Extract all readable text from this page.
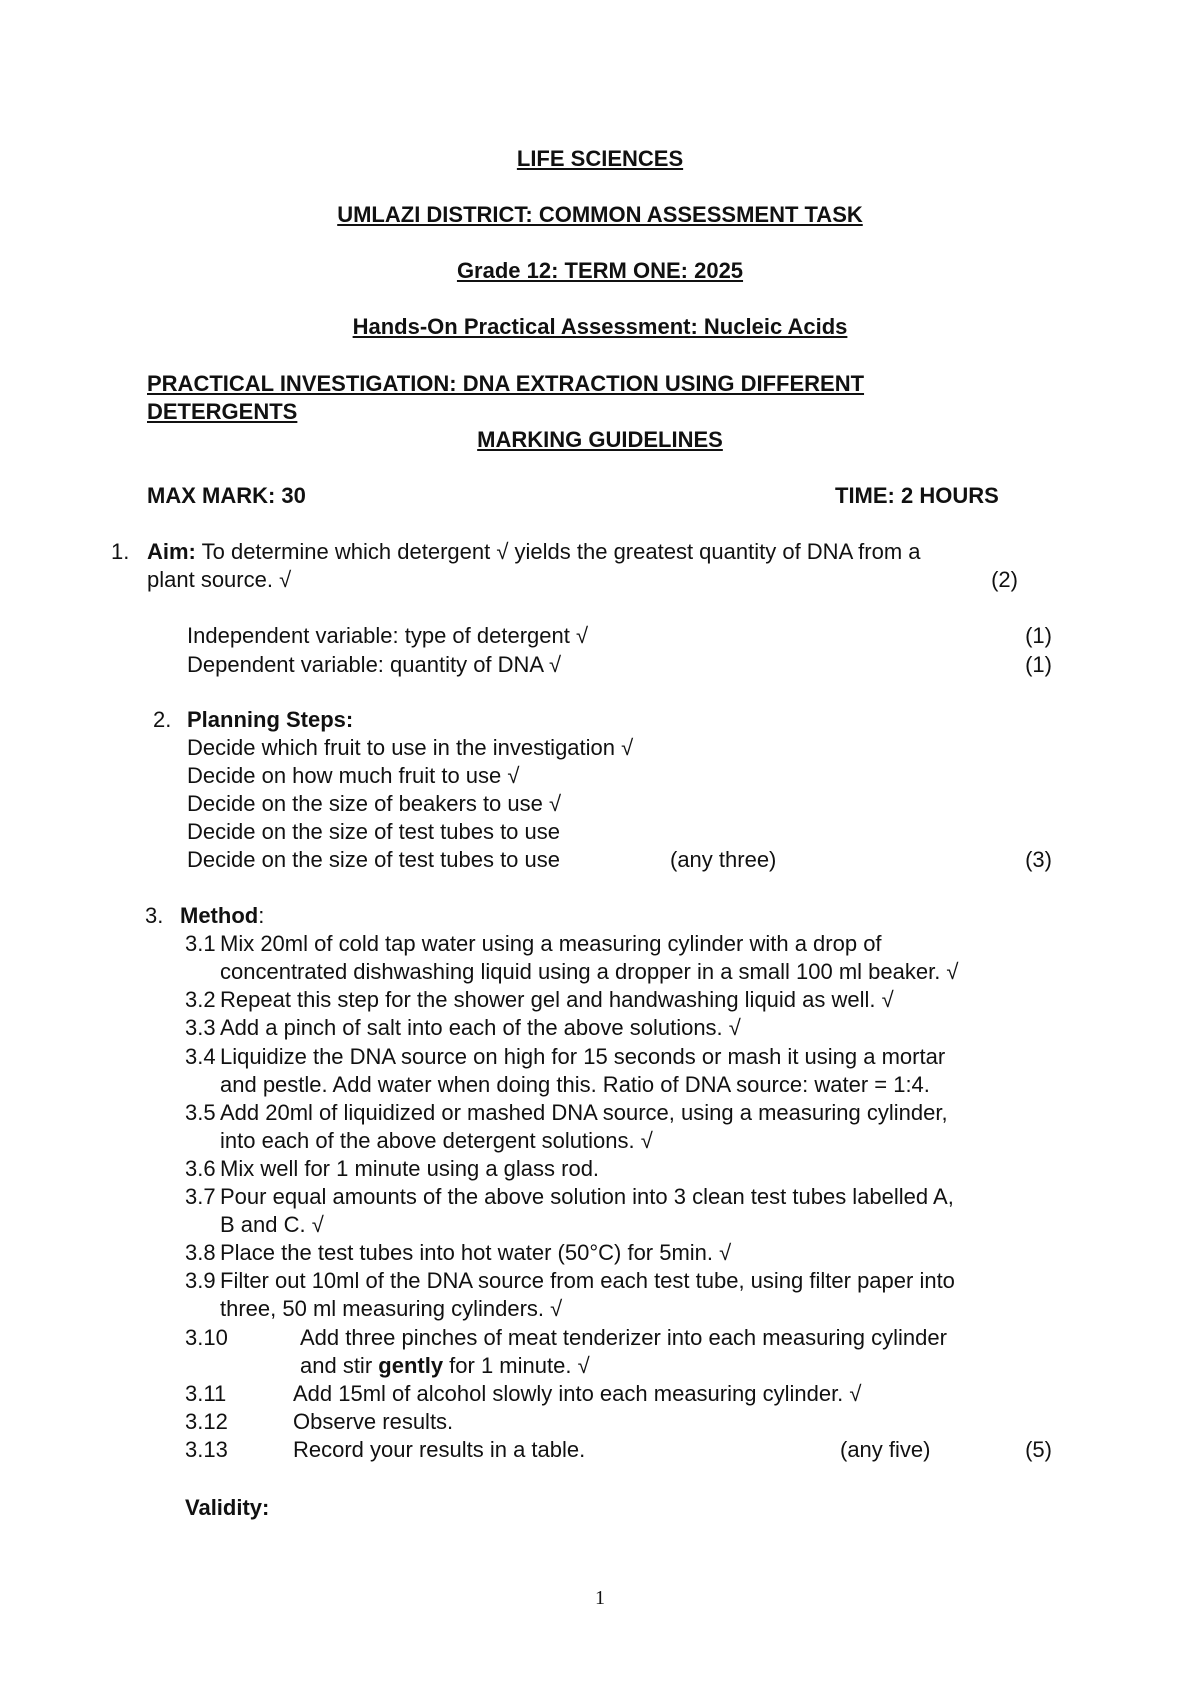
LIFE SCIENCES
UMLAZI DISTRICT: COMMON ASSESSMENT TASK
Grade 12: TERM ONE: 2025
Hands-On Practical Assessment: Nucleic Acids
PRACTICAL INVESTIGATION: DNA EXTRACTION USING DIFFERENT
DETERGENTS
MARKING GUIDELINES
MAX MARK: 30	TIME: 2 HOURS
1. Aim: To determine which detergent √ yields the greatest quantity of DNA from a
plant source. √	(2)
Independent variable: type of detergent √	(1)
Dependent variable: quantity of DNA √	(1)
2. Planning Steps:
Decide which fruit to use in the investigation √
Decide on how much fruit to use √
Decide on the size of beakers to use √
Decide on the size of test tubes to use
Decide on the size of test tubes to use	(any three)	(3)
3. Method:
3.1 Mix 20ml of cold tap water using a measuring cylinder with a drop of
concentrated dishwashing liquid using a dropper in a small 100 ml beaker. √
3.2 Repeat this step for the shower gel and handwashing liquid as well. √
3.3 Add a pinch of salt into each of the above solutions. √
3.4 Liquidize the DNA source on high for 15 seconds or mash it using a mortar
and pestle. Add water when doing this. Ratio of DNA source: water = 1:4.
3.5 Add 20ml of liquidized or mashed DNA source, using a measuring cylinder,
into each of the above detergent solutions. √
3.6 Mix well for 1 minute using a glass rod.
3.7 Pour equal amounts of the above solution into 3 clean test tubes labelled A,
B and C. √
3.8 Place the test tubes into hot water (50°C) for 5min. √
3.9 Filter out 10ml of the DNA source from each test tube, using filter paper into
three, 50 ml measuring cylinders. √
3.10	Add three pinches of meat tenderizer into each measuring cylinder
and stir gently for 1 minute. √
3.11	Add 15ml of alcohol slowly into each measuring cylinder. √
3.12	Observe results.
3.13	Record your results in a table.	(any five)	(5)
Validity:
1
